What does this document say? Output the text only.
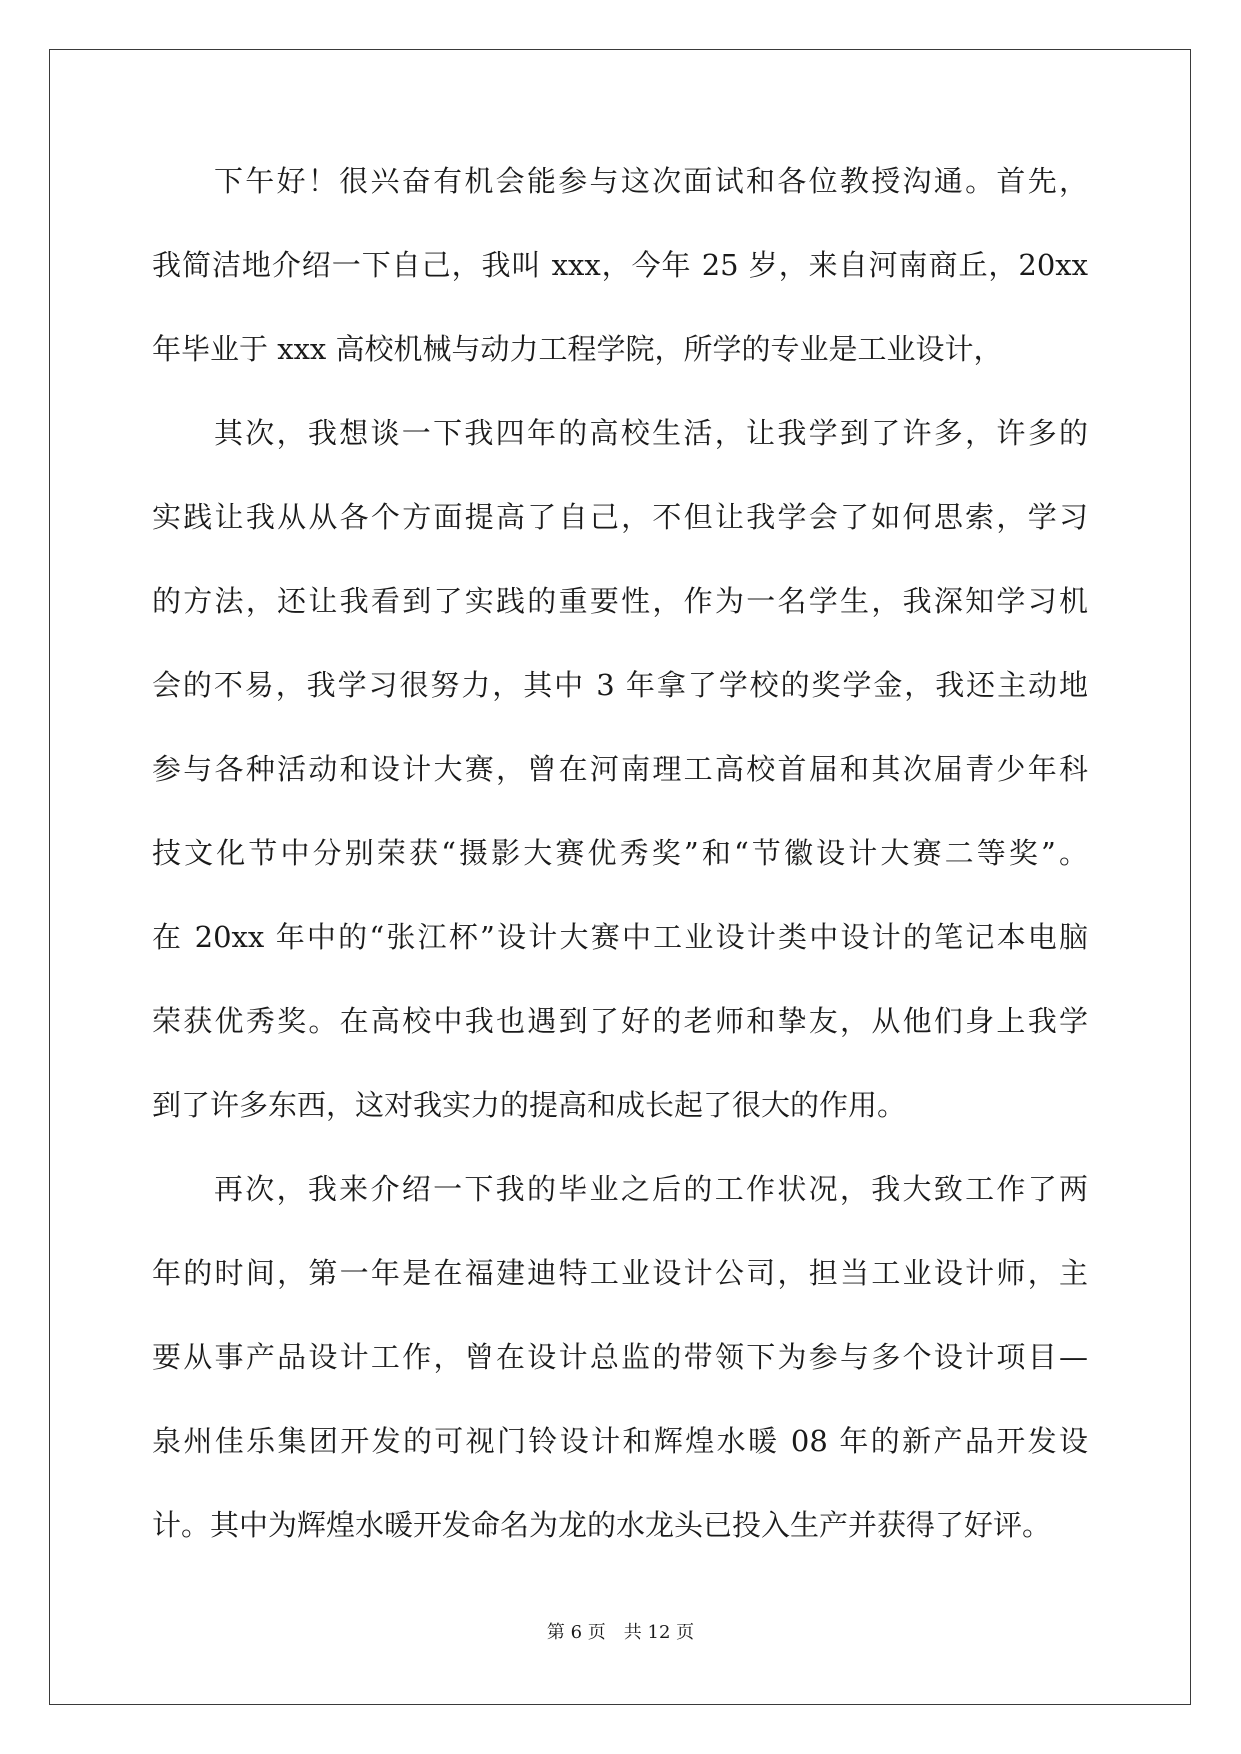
下午好！很兴奋有机会能参与这次面试和各位教授沟通。首先，
我简洁地介绍一下自己，我叫 xxx，今年 25 岁，来自河南商丘，20xx
年毕业于 xxx 高校机械与动力工程学院，所学的专业是工业设计，
其次，我想谈一下我四年的高校生活，让我学到了许多，许多的
实践让我从从各个方面提高了自己，不但让我学会了如何思索，学习
的方法，还让我看到了实践的重要性，作为一名学生，我深知学习机
会的不易，我学习很努力，其中 3 年拿了学校的奖学金，我还主动地
参与各种活动和设计大赛，曾在河南理工高校首届和其次届青少年科
技文化节中分别荣获“摄影大赛优秀奖”和“节徽设计大赛二等奖”。
在 20xx 年中的“张江杯”设计大赛中工业设计类中设计的笔记本电脑
荣获优秀奖。在高校中我也遇到了好的老师和挚友，从他们身上我学
到了许多东西，这对我实力的提高和成长起了很大的作用。
再次，我来介绍一下我的毕业之后的工作状况，我大致工作了两
年的时间，第一年是在福建迪特工业设计公司，担当工业设计师，主
要从事产品设计工作，曾在设计总监的带领下为参与多个设计项目—
泉州佳乐集团开发的可视门铃设计和辉煌水暖 08 年的新产品开发设
计。其中为辉煌水暖开发命名为龙的水龙头已投入生产并获得了好评。
第 6 页 共 12 页
